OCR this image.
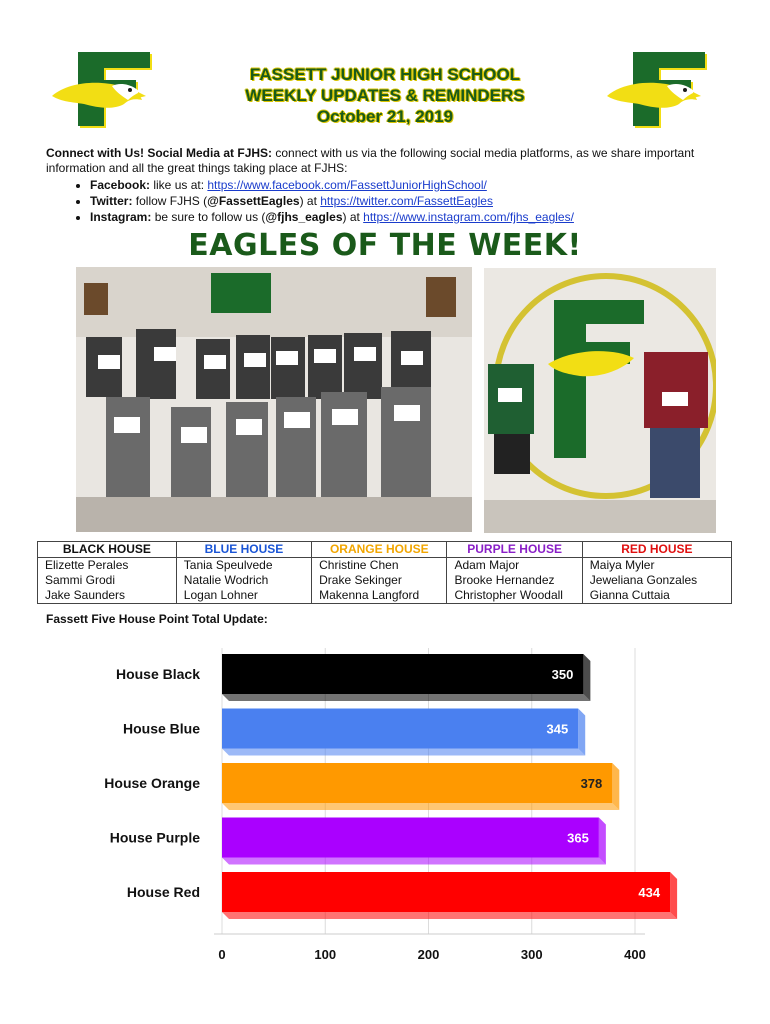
FASSETT JUNIOR HIGH SCHOOL
WEEKLY UPDATES & REMINDERS
October 21, 2019
Connect with Us! Social Media at FJHS: connect with us via the following social media platforms, as we share important information and all the great things taking place at FJHS:
• Facebook: like us at: https://www.facebook.com/FassettJuniorHighSchool/
• Twitter: follow FJHS (@FassettEagles) at https://twitter.com/FassettEagles
• Instagram: be sure to follow us (@fjhs_eagles) at https://www.instagram.com/fjhs_eagles/
EAGLES OF THE WEEK!
BLACK HOUSE	BLUE HOUSE	ORANGE HOUSE	PURPLE HOUSE	RED HOUSE
Elizette Perales	Tania Speulvede	Christine Chen	Adam Major	Maiya Myler
Sammi Grodi	Natalie Wodrich	Drake Sekinger	Brooke Hernandez	Jeweliana Gonzales
Jake Saunders	Logan Lohner	Makenna Langford	Christopher Woodall	Gianna Cuttaia
Fassett Five House Point Total Update:
0	100	200	300	400
350
House Black
345
House Blue
378
House Orange
365
House Purple
434
House Red
